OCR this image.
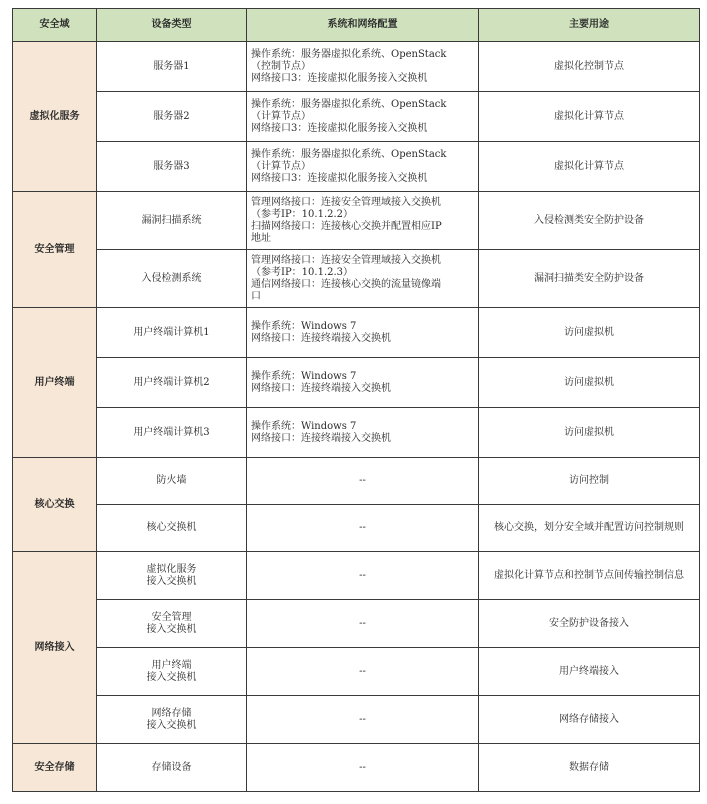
安全域	设备类型	系统和网络配置	主要用途
虚拟化服务	服务器1	操作系统：服务器虚拟化系统、OpenStack
（控制节点）
网络接口3：连接虚拟化服务接入交换机	虚拟化控制节点

	服务器2	操作系统：服务器虚拟化系统、OpenStack
（计算节点）
网络接口3：连接虚拟化服务接入交换机	虚拟化计算节点

	服务器3	操作系统：服务器虚拟化系统、OpenStack
（计算节点）
网络接口3：连接虚拟化服务接入交换机	虚拟化计算节点
安全管理	漏洞扫描系统	管理网络接口：连接安全管理域接入交换机
（参考IP：10.1.2.2）
扫描网络接口：连接核心交换并配置相应IP
地址	入侵检测类安全防护设备

	入侵检测系统	管理网络接口：连接安全管理域接入交换机
（参考IP：10.1.2.3）
通信网络接口：连接核心交换的流量镜像端
口	漏洞扫描类安全防护设备
用户终端	用户终端计算机1	操作系统：Windows 7
网络接口：连接终端接入交换机	访问虚拟机

	用户终端计算机2	操作系统：Windows 7
网络接口：连接终端接入交换机	访问虚拟机

	用户终端计算机3	操作系统：Windows 7
网络接口：连接终端接入交换机	访问虚拟机
核心交换	防火墙	--	访问控制

	核心交换机	--	核心交换，划分安全域并配置访问控制规则
网络接入	虚拟化服务
接入交换机	--	虚拟化计算节点和控制节点间传输控制信息

	安全管理
接入交换机	--	安全防护设备接入

	用户终端
接入交换机	--	用户终端接入

	网络存储
接入交换机	--	网络存储接入
安全存储	存储设备	--	数据存储
